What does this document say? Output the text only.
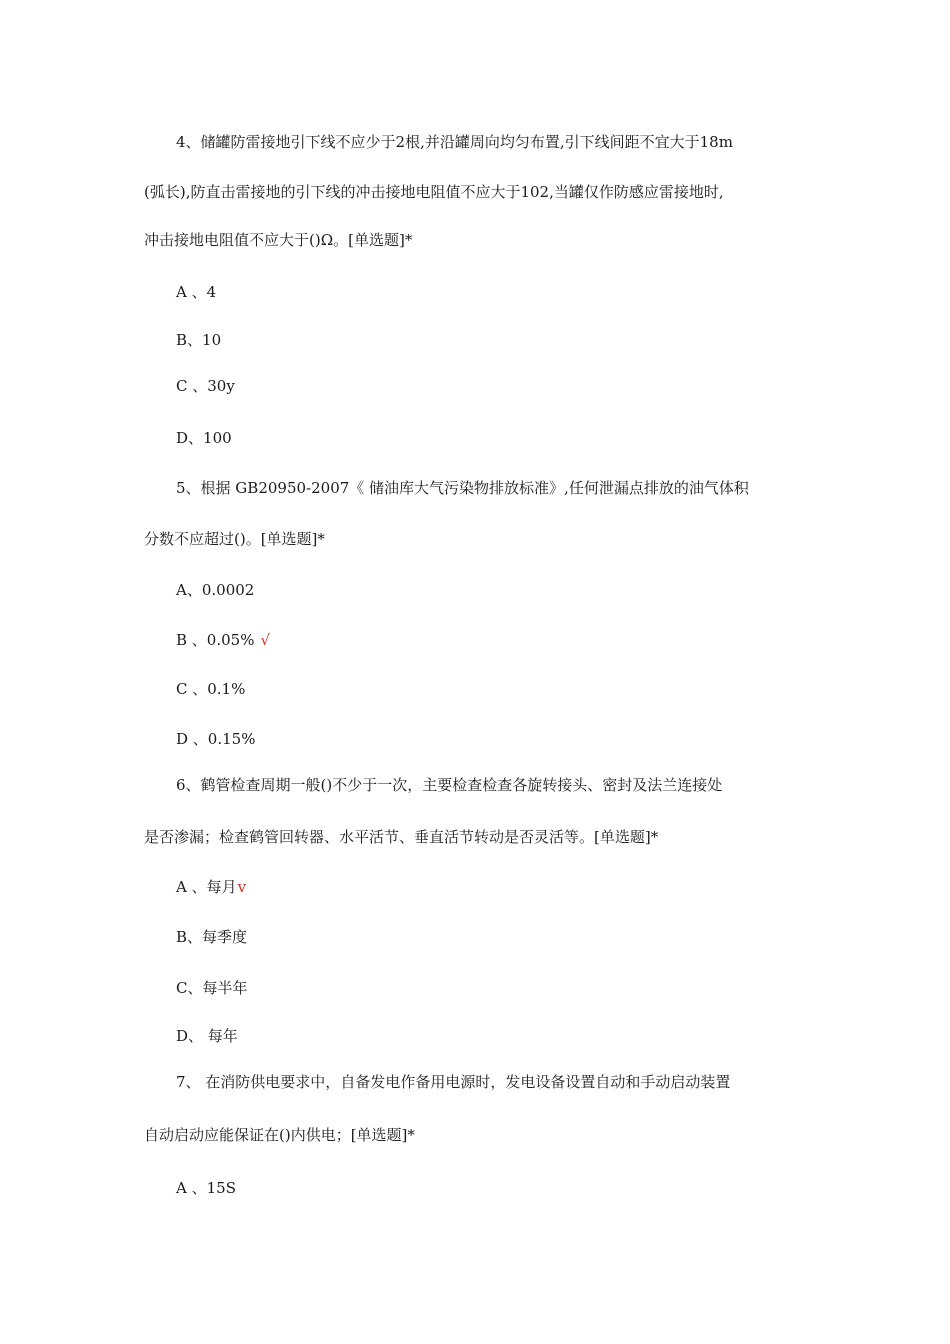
4、储罐防雷接地引下线不应少于2根,并沿罐周向均匀布置,引下线间距不宜大于18m
(弧长),防直击雷接地的引下线的冲击接地电阻值不应大于102,当罐仅作防感应雷接地时,
冲击接地电阻值不应大于()Ω。[单选题]*
A 、4
B、10
C 、30y
D、100
5、根据 GB20950-2007《 储油库大气污染物排放标准》,任何泄漏点排放的油气体积
分数不应超过()。[单选题]*
A、0.0002
B 、0.05% √
C 、0.1%
D 、0.15%
6、鹤管检查周期一般()不少于一次，主要检查检查各旋转接头、密封及法兰连接处
是否渗漏；检查鹤管回转器、水平活节、垂直活节转动是否灵活等。[单选题]*
A 、每月v
B、每季度
C、每半年
D、 每年
7、 在消防供电要求中，自备发电作备用电源时，发电设备设置自动和手动启动装置
自动启动应能保证在()内供电；[单选题]*
A 、15S
